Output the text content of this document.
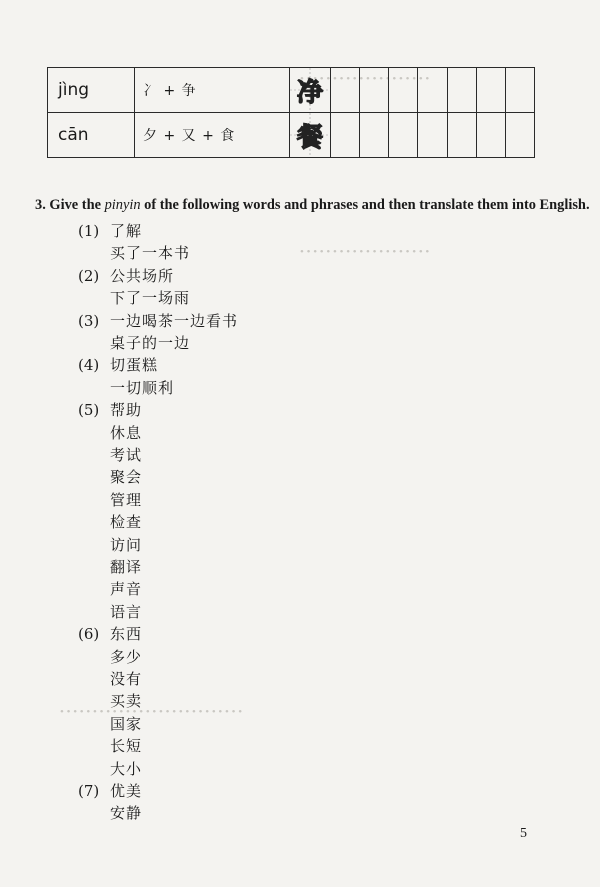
• • • • • • • • • • • • • • • • • • • •
• • • • • • • • • • • • • • • • • • • •
• • • • • • • • • • • • • • • • • • • • • • • • • • • •
jìng	冫 + 争	净							
cān	夕 + 又 + 食	餐							
3. Give the pinyin of the following words and phrases and then translate them into English.
(1) 了解
买了一本书
(2) 公共场所
下了一场雨
(3) 一边喝茶一边看书
桌子的一边
(4) 切蛋糕
一切顺利
(5) 帮助
休息
考试
聚会
管理
检查
访问
翻译
声音
语言
(6) 东西
多少
没有
买卖
国家
长短
大小
(7) 优美
安静
5
